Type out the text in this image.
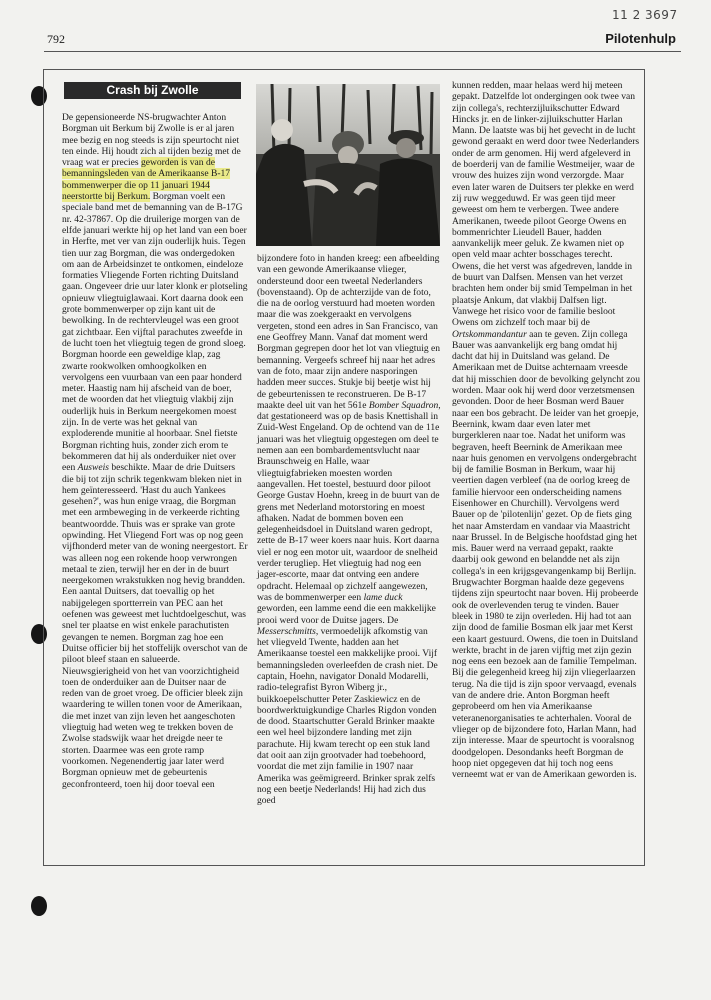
11 2 3697
792	Pilotenhulp
Crash bij Zwolle

De gepensioneerde NS-brugwachter Anton Borgman uit Berkum bij Zwolle is er al jaren mee bezig en nog steeds is zijn speurtocht niet ten einde. Hij houdt zich al tijden bezig met de vraag wat er precies geworden is van de bemanningsleden van de Amerikaanse B-17 bommenwerper die op 11 januari 1944 neerstortte bij Berkum. Borgman voelt een speciale band met de bemanning van de B-17G nr. 42-37867. Op die druilerige morgen van de elfde januari werkte hij op het land van een boer in Herfte, met ver van zijn ouderlijk huis. Tegen tien uur zag Borgman, die was ondergedoken om aan de Arbeidsinzet te ontkomen, eindeloze formaties Vliegende Forten richting Duitsland gaan. Ongeveer drie uur later klonk er plotseling opnieuw vliegtuiglawaai. Kort daarna dook een grote bommenwerper op zijn kant uit de bewolking. In de rechtervleugel was een groot gat zichtbaar. Een vijftal parachutes zweefde in de lucht toen het vliegtuig tegen de grond sloeg. Borgman hoorde een geweldige klap, zag zwarte rookwolken omhoogkolken en vervolgens een vuurbaan van een paar honderd meter. Haastig nam hij afscheid van de boer, met de woorden dat het vliegtuig vlakbij zijn ouderlijk huis in Berkum neergekomen moest zijn. In de verte was het geknal van exploderende munitie al hoorbaar. Snel fietste Borgman richting huis, zonder zich erom te bekommeren dat hij als onderduiker niet over een Ausweis beschikte. Maar de drie Duitsers die bij tot zijn schrik tegenkwam bleken niet in hem geïnteresseerd. 'Hast du auch Yankees gesehen?', was hun enige vraag, die Borgman met een armbeweging in de verkeerde richting beantwoordde. Thuis was er sprake van grote opwinding. Het Vliegend Fort was op nog geen vijfhonderd meter van de woning neergestort. Er was alleen nog een rokende hoop verwrongen metaal te zien, terwijl her en der in de buurt neergekomen wrakstukken nog hevig brandden. Een aantal Duitsers, dat toevallig op het nabijgelegen sportterrein van PEC aan het oefenen was geweest met luchtdoelgeschut, was snel ter plaatse en wist enkele parachutisten gevangen te nemen. Borgman zag hoe een Duitse officier bij het stoffelijk overschot van de piloot bleef staan en salueerde. Nieuwsgierigheid von het van voorzichtigheid toen de onderduiker aan de Duitser naar de reden van de groet vroeg. De officier bleek zijn waardering te willen tonen voor de Amerikaan, die met inzet van zijn leven het aangeschoten vliegtuig had weten weg te trekken boven de Zwolse stadswijk waar het dreigde neer te storten. Daarmee was een grote ramp voorkomen. Negenendertig jaar later werd Borgman opnieuw met de gebeurtenis geconfronteerd, toen hij door toeval een

bijzondere foto in handen kreeg: een afbeelding van een gewonde Amerikaanse vlieger, ondersteund door een tweetal Nederlanders (bovenstaand). Op de achterzijde van de foto, die na de oorlog verstuurd had moeten worden maar die was zoekgeraakt en vervolgens vergeten, stond een adres in San Francisco, van ene Geoffrey Mann. Vanaf dat moment werd Borgman gegrepen door het lot van vliegtuig en bemanning. Vergeefs schreef hij naar het adres van de foto, maar zijn andere nasporingen hadden meer succes. Stukje bij beetje wist hij de gebeurtenissen te reconstrueren. De B-17 maakte deel uit van het 561e Bomber Squadron, dat gestationeerd was op de basis Knettishall in Zuid-West Engeland. Op de ochtend van de 11e januari was het vliegtuig opgestegen om deel te nemen aan een bombardementsvlucht naar Braunschweig en Halle, waar vliegtuigfabrieken moesten worden aangevallen. Het toestel, bestuurd door piloot George Gustav Hoehn, kreeg in de buurt van de grens met Nederland motorstoring en moest afhaken. Nadat de bommen boven een gelegenheidsdoel in Duitsland waren gedropt, zette de B-17 weer koers naar huis. Kort daarna viel er nog een motor uit, waardoor de snelheid verder terugliep. Het vliegtuig had nog een jager-escorte, maar dat ontving een andere opdracht. Helemaal op zichzelf aangewezen, was de bommenwerper een lame duck geworden, een lamme eend die een makkelijke prooi werd voor de Duitse jagers. De Messerschmitts, vermoedelijk afkomstig van het vliegveld Twente, hadden aan het Amerikaanse toestel een makkelijke prooi. Vijf bemanningsleden overleefden de crash niet. De captain, Hoehn, navigator Donald Modarelli, radio-telegrafist Byron Wiberg jr., buikkoepelschutter Peter Zaskiewicz en de boordwerktuigkundige Charles Rigdon vonden de dood. Staartschutter Gerald Brinker maakte een wel heel bijzondere landing met zijn parachute. Hij kwam terecht op een stuk land dat ooit aan zijn grootvader had toebehoord, voordat die met zijn familie in 1907 naar Amerika was geëmigreerd. Brinker sprak zelfs nog een beetje Nederlands! Hij had zich dus goed

kunnen redden, maar helaas werd hij meteen gepakt. Datzelfde lot ondergingen ook twee van zijn collega's, rechterzijluikschutter Edward Hincks jr. en de linker-zijluikschutter Harlan Mann. De laatste was bij het gevecht in de lucht gewond geraakt en werd door twee Nederlanders onder de arm genomen. Hij werd afgeleverd in de boerderij van de familie Westmeijer, waar de vrouw des huizes zijn wond verzorgde. Maar even later waren de Duitsers ter plekke en werd zij ruw weggeduwd. Er was geen tijd meer geweest om hem te verbergen. Twee andere Amerikanen, tweede piloot George Owens en bommenrichter Lieudell Bauer, hadden aanvankelijk meer geluk. Ze kwamen niet op open veld maar achter bosschages terecht. Owens, die het verst was afgedreven, landde in de buurt van Dalfsen. Mensen van het verzet brachten hem onder bij smid Tempelman in het plaatsje Ankum, dat vlakbij Dalfsen ligt. Vanwege het risico voor de familie besloot Owens om zichzelf toch maar bij de Ortskommandantur aan te geven. Zijn collega Bauer was aanvankelijk erg bang omdat hij dacht dat hij in Duitsland was geland. De Amerikaan met de Duitse achternaam vreesde dat hij misschien door de bevolking gelyncht zou worden. Maar ook hij werd door verzetsmensen gevonden. Door de heer Bosman werd Bauer naar een bos gebracht. De leider van het groepje, Beernink, kwam daar even later met burgerkleren naar toe. Nadat het uniform was begraven, heeft Beernink de Amerikaan mee naar huis genomen en vervolgens ondergebracht bij de familie Bosman in Berkum, waar hij veertien dagen verbleef (na de oorlog kreeg de familie hiervoor een onderscheiding namens Eisenhower en Churchill). Vervolgens werd Bauer op de 'pilotenlijn' gezet. Op de fiets ging het naar Amsterdam en vandaar via Maastricht naar Brussel. In de Belgische hoofdstad ging het mis. Bauer werd na verraad gepakt, raakte daarbij ook gewond en belandde net als zijn collega's in een krijgsgevangenkamp bij Berlijn. Brugwachter Borgman haalde deze gegevens tijdens zijn speurtocht naar boven. Hij probeerde ook de overlevenden terug te vinden. Bauer bleek in 1980 te zijn overleden. Hij had tot aan zijn dood de familie Bosman elk jaar met Kerst een kaart gestuurd. Owens, die toen in Duitsland werkte, bracht in de jaren vijftig met zijn gezin nog eens een bezoek aan de familie Tempelman. Bij die gelegenheid kreeg hij zijn vliegerlaarzen terug. Na die tijd is zijn spoor vervaagd, evenals van de andere drie. Anton Borgman heeft geprobeerd om hen via Amerikaanse veteranenorganisaties te achterhalen. Vooral de vlieger op de bijzondere foto, Harlan Mann, had zijn interesse. Maar de speurtocht is vooralsnog doodgelopen. Desondanks heeft Borgman de hoop niet opgegeven dat hij toch nog eens verneemt wat er van de Amerikaan geworden is.
